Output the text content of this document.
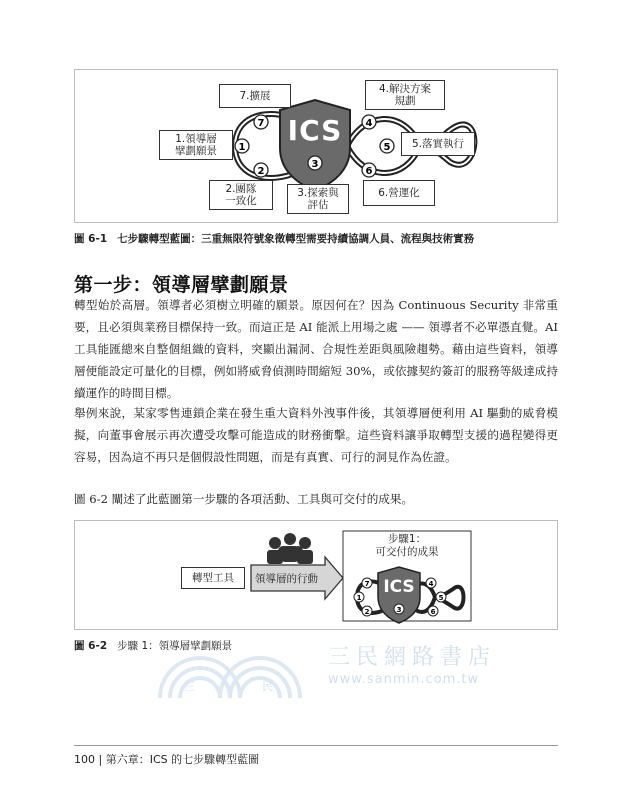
7
1
2
3
4
5
6
ICS
7.擴展
4.解決方案
規劃
1.領導層
擘劃願景
5.落實執行
2.團隊
一致化
3.探索與
評估
6.營運化
圖 6-1 七步驟轉型藍圖：三重無限符號象徵轉型需要持續協調人員、流程與技術實務
第一步：領導層擘劃願景

轉型始於高層。領導者必須樹立明確的願景。原因何在？因為 Continuous Security 非常重要，且必須與業務目標保持一致。而這正是 AI 能派上用場之處 —— 領導者不必單憑直覺。AI 工具能匯總來自整個組織的資料，突顯出漏洞、合規性差距與風險趨勢。藉由這些資料，領導層便能設定可量化的目標，例如將威脅偵測時間縮短 30%，或依據契約簽訂的服務等級達成持續運作的時間目標。

舉例來說，某家零售連鎖企業在發生重大資料外洩事件後，其領導層便利用 AI 驅動的威脅模擬，向董事會展示再次遭受攻擊可能造成的財務衝擊。這些資料讓爭取轉型支援的過程變得更容易，因為這不再只是個假設性問題，而是有真實、可行的洞見作為佐證。

圖 6-2 闡述了此藍圖第一步驟的各項活動、工具與可交付的成果。

7
1
2	3
4
5
6
轉型工具	領導層的行動
步驟1：
可交付的成果
ICS
圖 6-2 步驟 1：領導層擘劃願景
三	民
三民網路書店
www.sanmin.com.tw
100 | 第六章：ICS 的七步驟轉型藍圖
